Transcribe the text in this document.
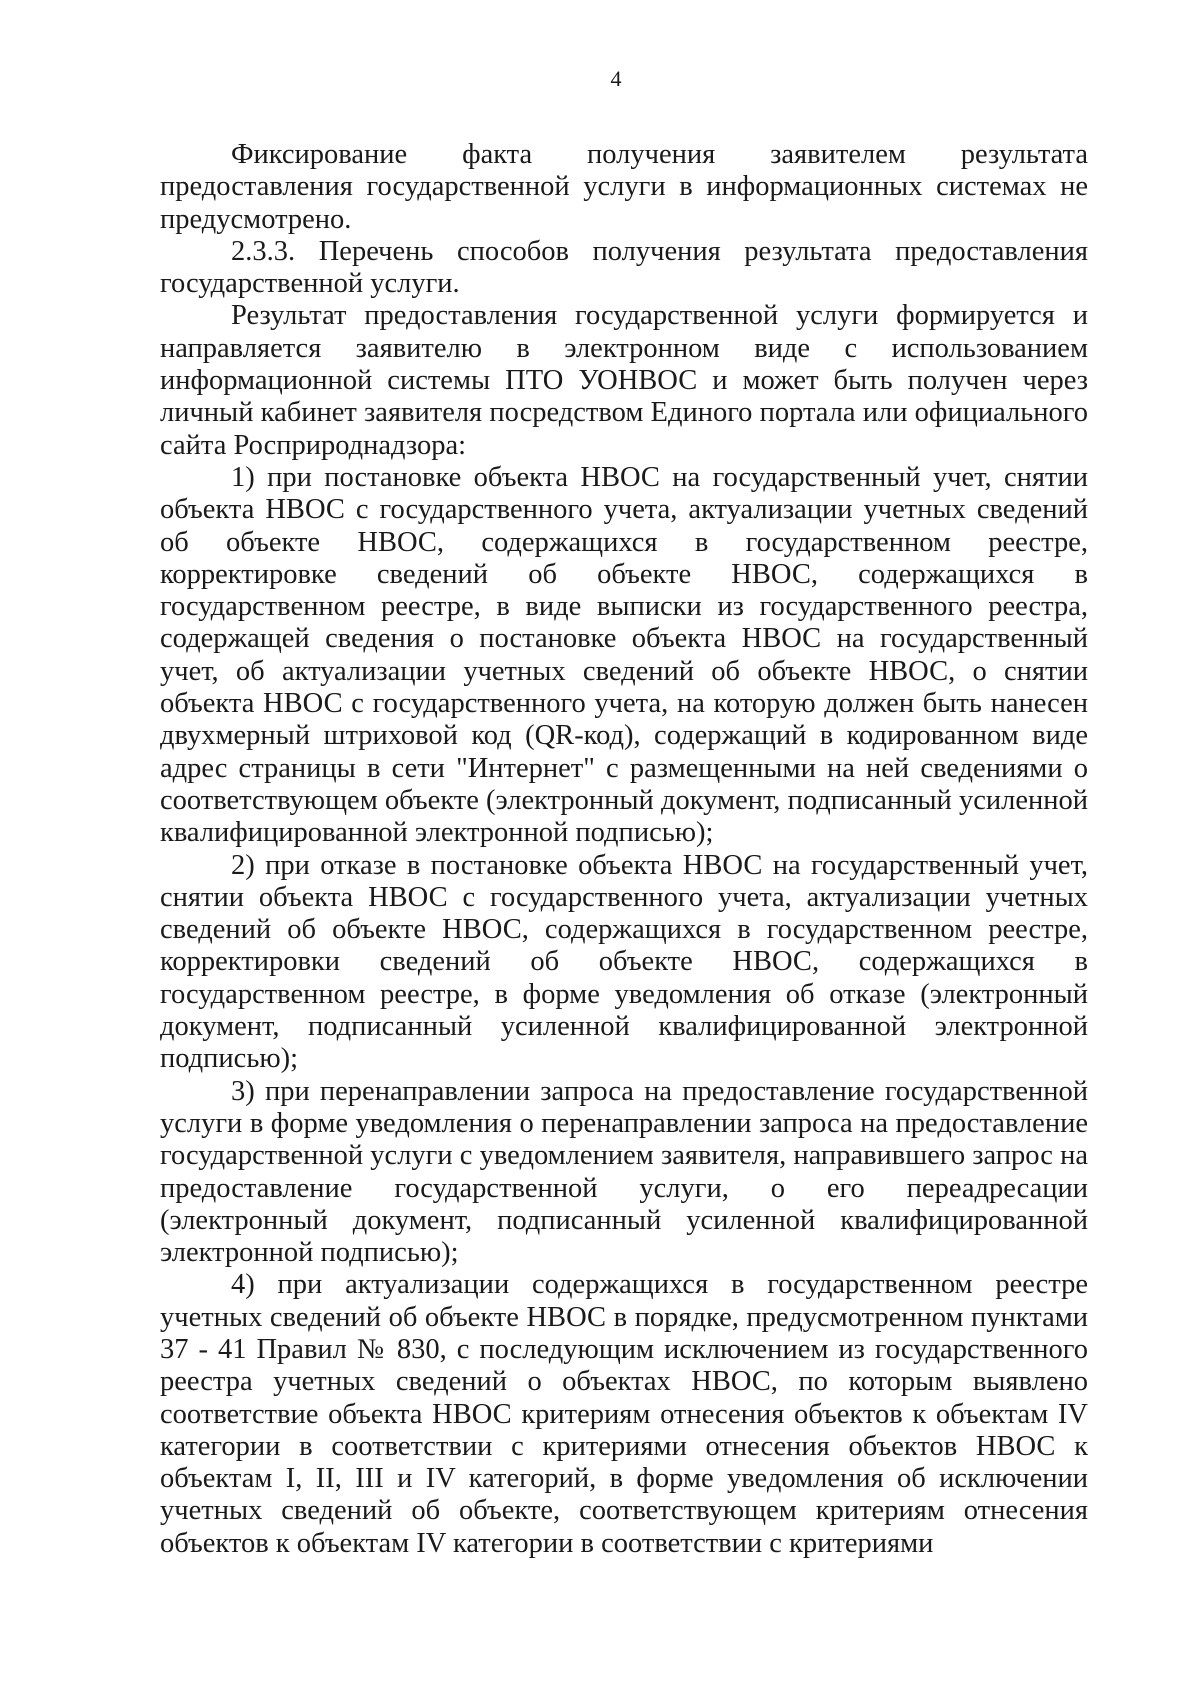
4

Фиксирование факта получения заявителем результата предоставления государственной услуги в информационных системах не предусмотрено.

2.3.3. Перечень способов получения результата предоставления государственной услуги.

Результат предоставления государственной услуги формируется и направляется заявителю в электронном виде с использованием информационной системы ПТО УОНВОС и может быть получен через личный кабинет заявителя посредством Единого портала или официального сайта Росприроднадзора:

1) при постановке объекта НВОС на государственный учет, снятии объекта НВОС с государственного учета, актуализации учетных сведений об объекте НВОС, содержащихся в государственном реестре, корректировке сведений об объекте НВОС, содержащихся в государственном реестре, в виде выписки из государственного реестра, содержащей сведения о постановке объекта НВОС на государственный учет, об актуализации учетных сведений об объекте НВОС, о снятии объекта НВОС с государственного учета, на которую должен быть нанесен двухмерный штриховой код (QR-код), содержащий в кодированном виде адрес страницы в сети "Интернет" с размещенными на ней сведениями о соответствующем объекте (электронный документ, подписанный усиленной квалифицированной электронной подписью);

2) при отказе в постановке объекта НВОС на государственный учет, снятии объекта НВОС с государственного учета, актуализации учетных сведений об объекте НВОС, содержащихся в государственном реестре, корректировки сведений об объекте НВОС, содержащихся в государственном реестре, в форме уведомления об отказе (электронный документ, подписанный усиленной квалифицированной электронной подписью);

3) при перенаправлении запроса на предоставление государственной услуги в форме уведомления о перенаправлении запроса на предоставление государственной услуги с уведомлением заявителя, направившего запрос на предоставление государственной услуги, о его переадресации (электронный документ, подписанный усиленной квалифицированной электронной подписью);

4) при актуализации содержащихся в государственном реестре учетных сведений об объекте НВОС в порядке, предусмотренном пунктами 37 - 41 Правил № 830, с последующим исключением из государственного реестра учетных сведений о объектах НВОС, по которым выявлено соответствие объекта НВОС критериям отнесения объектов к объектам IV категории в соответствии с критериями отнесения объектов НВОС к объектам I, II, III и IV категорий, в форме уведомления об исключении учетных сведений об объекте, соответствующем критериям отнесения объектов к объектам IV категории в соответствии с критериями
